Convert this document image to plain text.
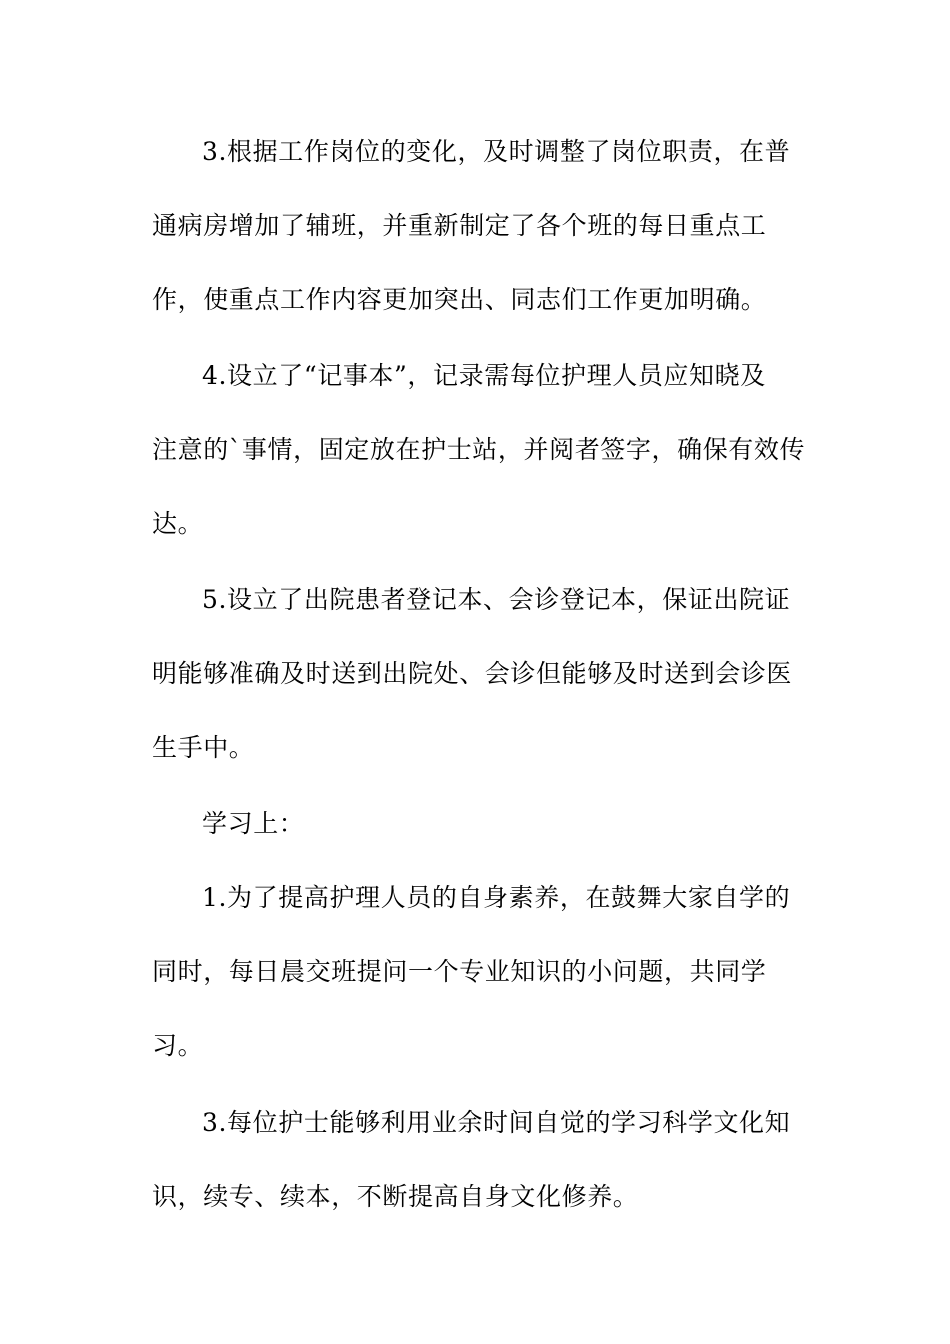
3.根据工作岗位的变化，及时调整了岗位职责，在普
通病房增加了辅班，并重新制定了各个班的每日重点工
作，使重点工作内容更加突出、同志们工作更加明确。
4.设立了“记事本”，记录需每位护理人员应知晓及
注意的`事情，固定放在护士站，并阅者签字，确保有效传
达。
5.设立了出院患者登记本、会诊登记本，保证出院证
明能够准确及时送到出院处、会诊但能够及时送到会诊医
生手中。
学习上：
1.为了提高护理人员的自身素养，在鼓舞大家自学的
同时，每日晨交班提问一个专业知识的小问题，共同学
习。
3.每位护士能够利用业余时间自觉的学习科学文化知
识，续专、续本，不断提高自身文化修养。
